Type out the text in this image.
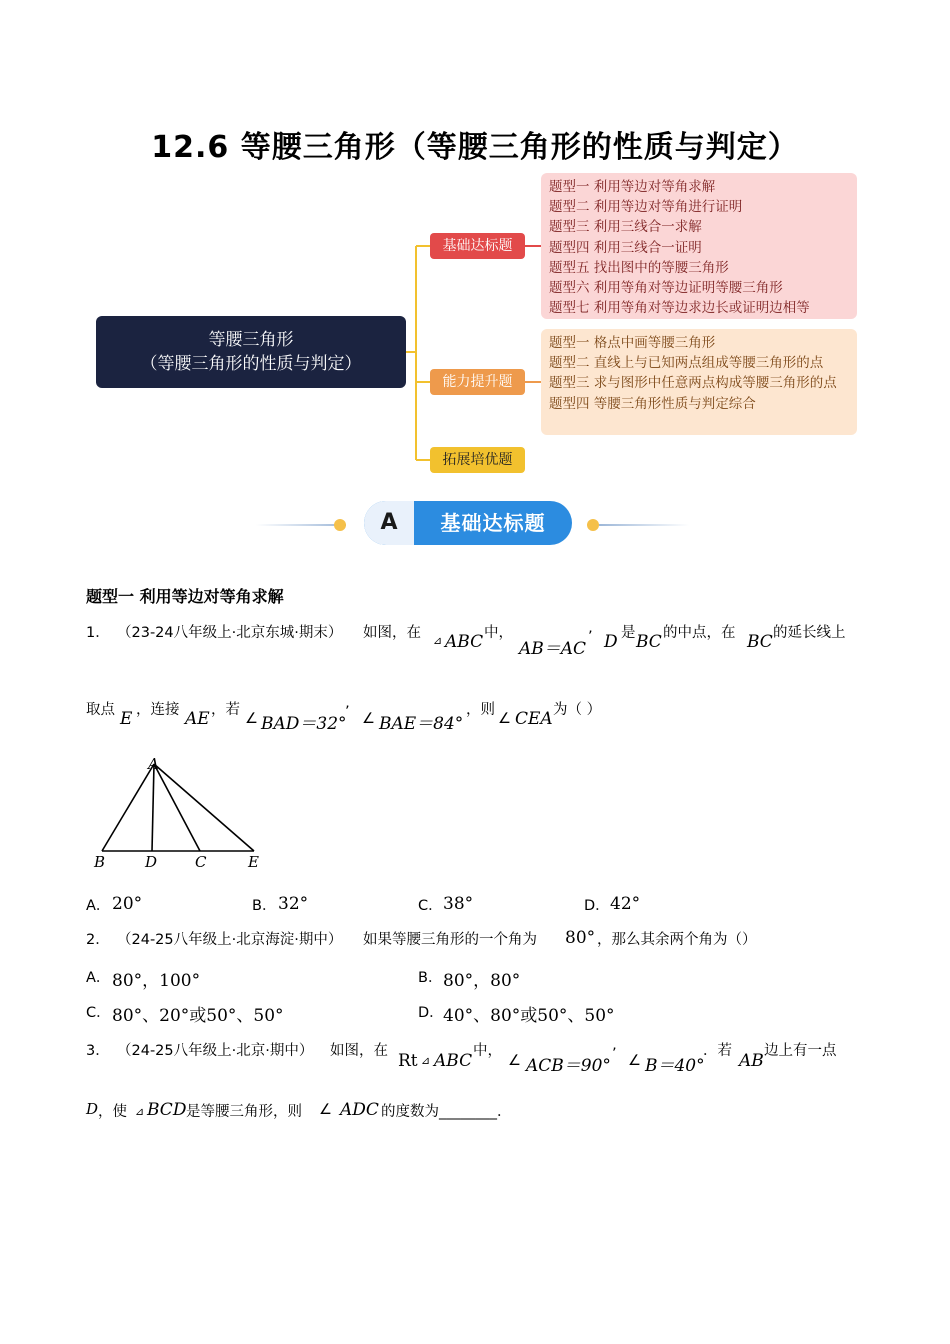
12.6 等腰三角形（等腰三角形的性质与判定）
等腰三角形
（等腰三角形的性质与判定）
基础达标题
能力提升题
拓展培优题
题型一 利用等边对等角求解
题型二 利用等边对等角进行证明
题型三 利用三线合一求解
题型四 利用三线合一证明
题型五 找出图中的等腰三角形
题型六 利用等角对等边证明等腰三角形
题型七 利用等角对等边求边长或证明边相等
题型一 格点中画等腰三角形
题型二 直线上与已知两点组成等腰三角形的点
题型三 求与图形中任意两点构成等腰三角形的点
题型四 等腰三角形性质与判定综合
A	基础达标题
题型一 利用等边对等角求解
1． （23-24八年级上·北京东城·期末） 如图，在 ⊿ ABC 中，
AB＝AC
’ D 是 BC 的中点，在 BC 的延长线上
取点 E ，连接 AE ，若
∠ BAD＝32°
’ ∠ BAE＝84°
，则
∠ CEA 为（ ）
A
B	D	C	E
A． 20°	B． 32°	C． 38°	D． 42°
2． （24-25八年级上·北京海淀·期中） 如果等腰三角形的一个角为 80° ，那么其余两个角为（）
A． 80°，100°	B． 80°，80°
C． 80°、20°或50°、50°	D． 40°、80°或50°、50°
3． （24-25八年级上·北京·期中） 如图，在 Rt ⊿ ABC 中，
∠ ACB＝90°
’ ∠ B＝40°
．若 AB 边上有一点
D ，使 ⊿ BCD 是等腰三角形，则 ∠ ADC 的度数为________．
